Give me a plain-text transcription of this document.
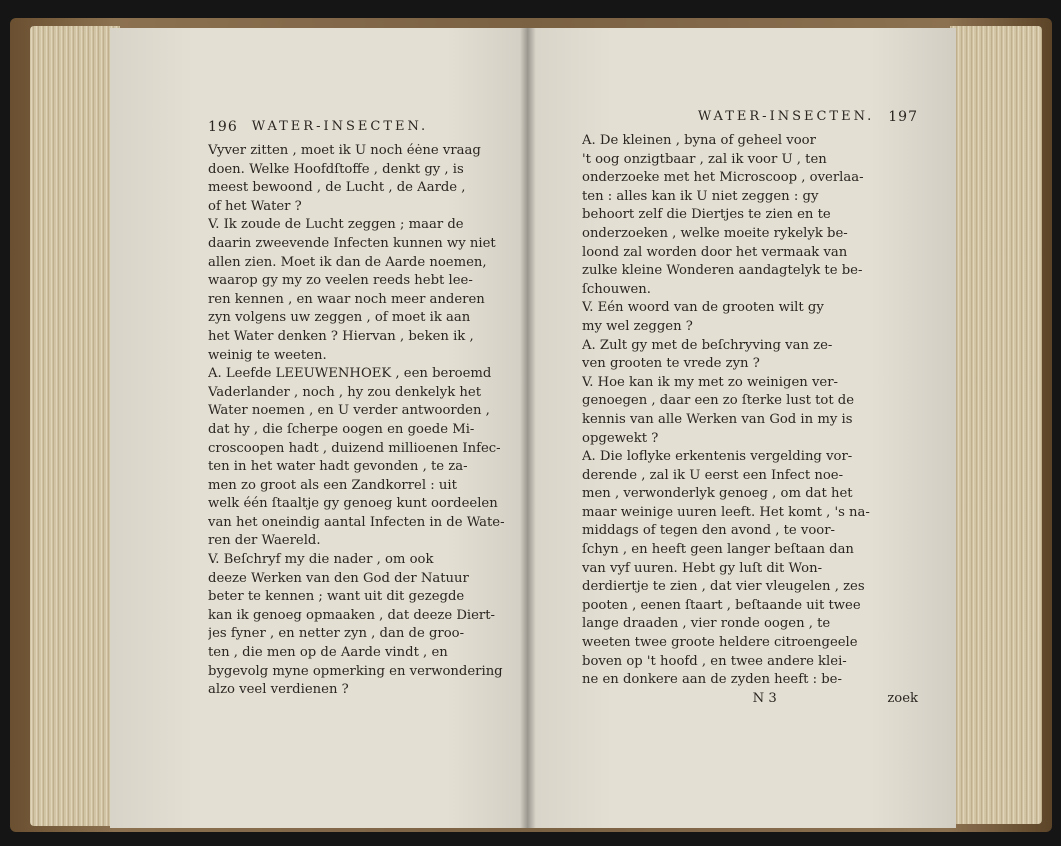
196 WATER-INSECTEN.
Vyver zitten , moet ik U noch éėne vraag
doen. Welke Hoofdſtoffe , denkt gy , is
meest bewoond , de Lucht , de Aarde ,
of het Water ?
V. Ik zoude de Lucht zeggen ; maar de
daarin zweevende Infecten kunnen wy niet
allen zien. Moet ik dan de Aarde noemen,
waarop gy my zo veelen reeds hebt lee-
ren kennen , en waar noch meer anderen
zyn volgens uw zeggen , of moet ik aan
het Water denken ? Hiervan , beken ik ,
weinig te weeten.
A. Leefde LEEUWENHOEK , een beroemd
Vaderlander , noch , hy zou denkelyk het
Water noemen , en U verder antwoorden ,
dat hy , die ſcherpe oogen en goede Mi-
croscoopen hadt , duizend millioenen Infec-
ten in het water hadt gevonden , te za-
men zo groot als een Zandkorrel : uit
welk één ſtaaltje gy genoeg kunt oordeelen
van het oneindig aantal Infecten in de Wate-
ren der Waereld.
V. Beſchryf my die nader , om ook
deeze Werken van den God der Natuur
beter te kennen ; want uit dit gezegde
kan ik genoeg opmaaken , dat deeze Diert-
jes fyner , en netter zyn , dan de groo-
ten , die men op de Aarde vindt , en
bygevolg myne opmerking en verwondering
alzo veel verdienen ?
WATER-INSECTEN. 197
A. De kleinen , byna of geheel voor
't oog onzigtbaar , zal ik voor U , ten
onderzoeke met het Microscoop , overlaa-
ten : alles kan ik U niet zeggen : gy
behoort zelf die Diertjes te zien en te
onderzoeken , welke moeite rykelyk be-
loond zal worden door het vermaak van
zulke kleine Wonderen aandagtelyk te be-
ſchouwen.
V. Eén woord van de grooten wilt gy
my wel zeggen ?
A. Zult gy met de beſchryving van ze-
ven grooten te vrede zyn ?
V. Hoe kan ik my met zo weinigen ver-
genoegen , daar een zo ſterke lust tot de
kennis van alle Werken van God in my is
opgewekt ?
A. Die loflyke erkentenis vergelding vor-
derende , zal ik U eerst een Infect noe-
men , verwonderlyk genoeg , om dat het
maar weinige uuren leeft. Het komt , 's na-
middags of tegen den avond , te voor-
ſchyn , en heeft geen langer beſtaan dan
van vyf uuren. Hebt gy luſt dit Won-
derdiertje te zien , dat vier vleugelen , zes
pooten , eenen ſtaart , beſtaande uit twee
lange draaden , vier ronde oogen , te
weeten twee groote heldere citroengeele
boven op 't hoofd , en twee andere klei-
ne en donkere aan de zyden heeft : be-
N 3	zoek
